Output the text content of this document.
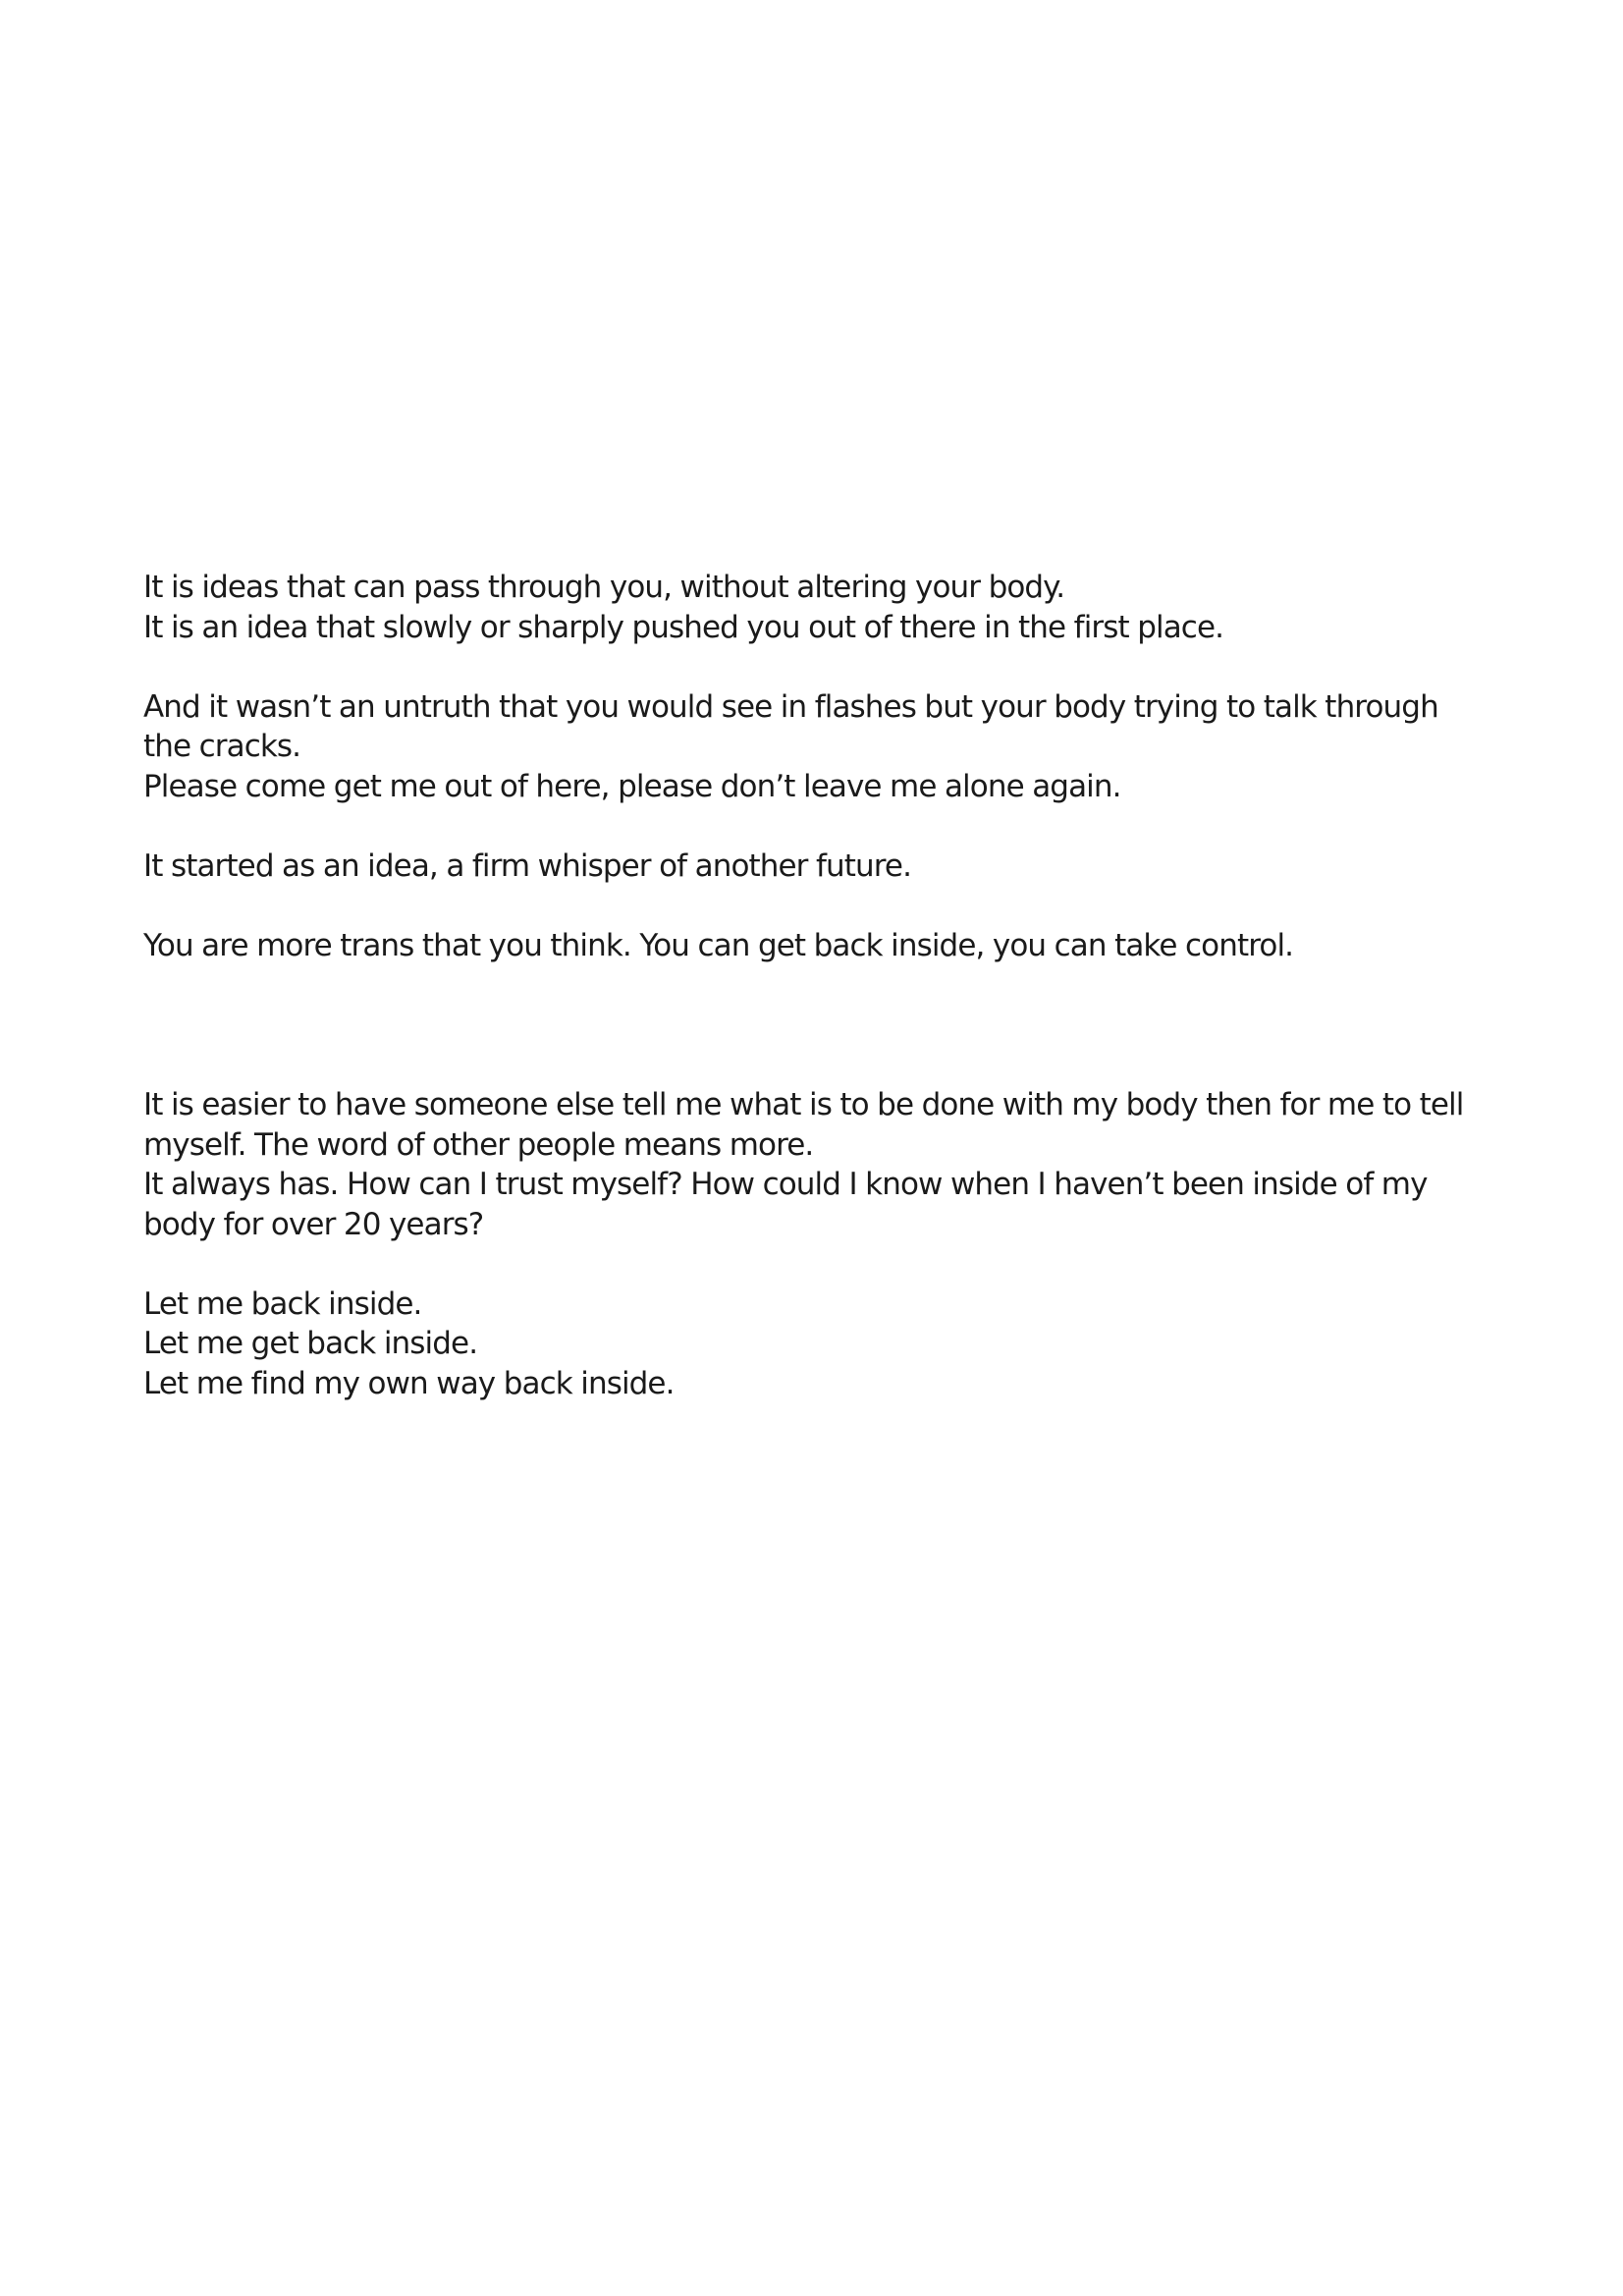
It is ideas that can pass through you, without altering your body.
It is an idea that slowly or sharply pushed you out of there in the first place.

And it wasn’t an untruth that you would see in flashes but your body trying to talk through
the cracks.
Please come get me out of here, please don’t leave me alone again.

It started as an idea, a firm whisper of another future.

You are more trans that you think. You can get back inside, you can take control.
It is easier to have someone else tell me what is to be done with my body then for me to tell
myself. The word of other people means more.
It always has. How can I trust myself? How could I know when I haven’t been inside of my
body for over 20 years?

Let me back inside.
Let me get back inside.
Let me find my own way back inside.
